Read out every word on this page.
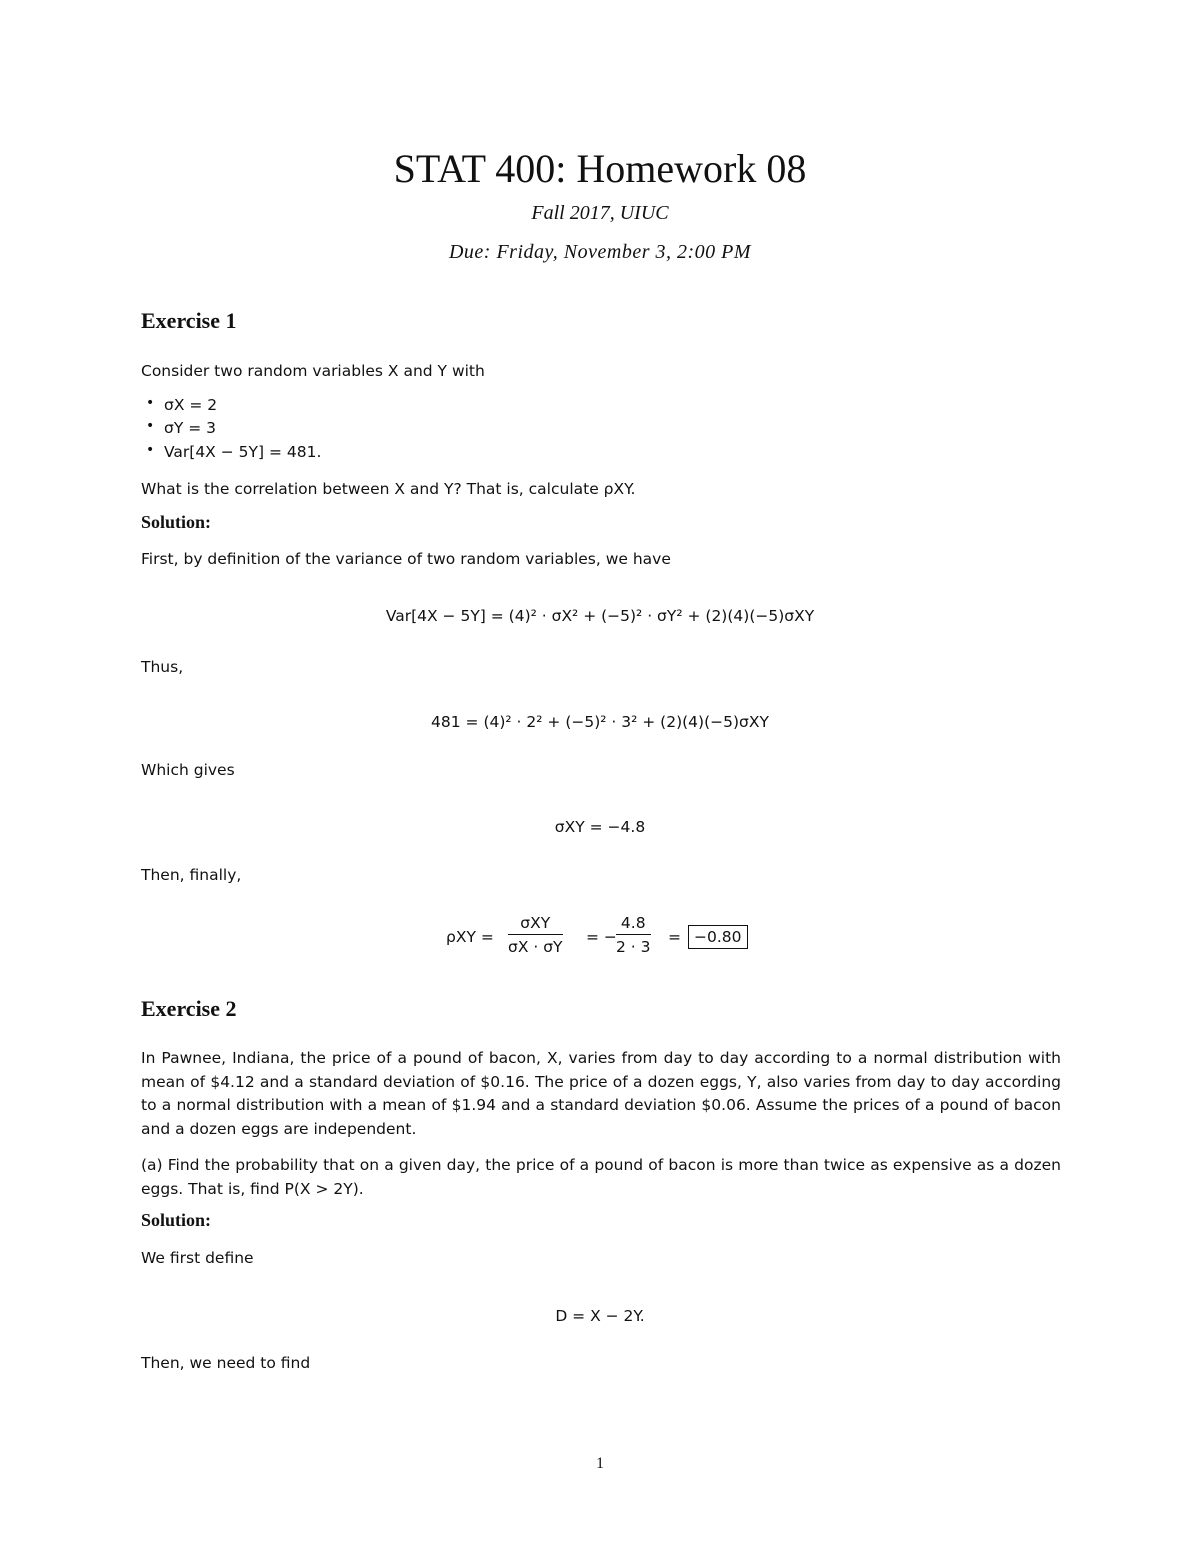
STAT 400: Homework 08
Fall 2017, UIUC
Due: Friday, November 3, 2:00 PM
Exercise 1

Consider two random variables X and Y with

• σX = 2
• σY = 3
• Var[4X − 5Y] = 481.

What is the correlation between X and Y? That is, calculate ρXY.

Solution:

First, by definition of the variance of two random variables, we have

Var[4X − 5Y] = (4)² · σX² + (−5)² · σY² + (2)(4)(−5)σXY

Thus,

481 = (4)² · 2² + (−5)² · 3² + (2)(4)(−5)σXY

Which gives

σXY = −4.8

Then, finally,

ρXY =
σXY
σX · σY
= − $\frac{4.8}{2 \cdot 3} = -0.80$
Exercise 2

In Pawnee, Indiana, the price of a pound of bacon, X, varies from day to day according to a normal distribution with mean of $4.12 and a standard deviation of $0.16. The price of a dozen eggs, Y, also varies from day to day according to a normal distribution with a mean of $1.94 and a standard deviation $0.06. Assume the prices of a pound of bacon and a dozen eggs are independent.

(a) Find the probability that on a given day, the price of a pound of bacon is more than twice as expensive as a dozen eggs. That is, find P(X > 2Y).

Solution:

We first define

D = X − 2Y.

Then, we need to find

1
